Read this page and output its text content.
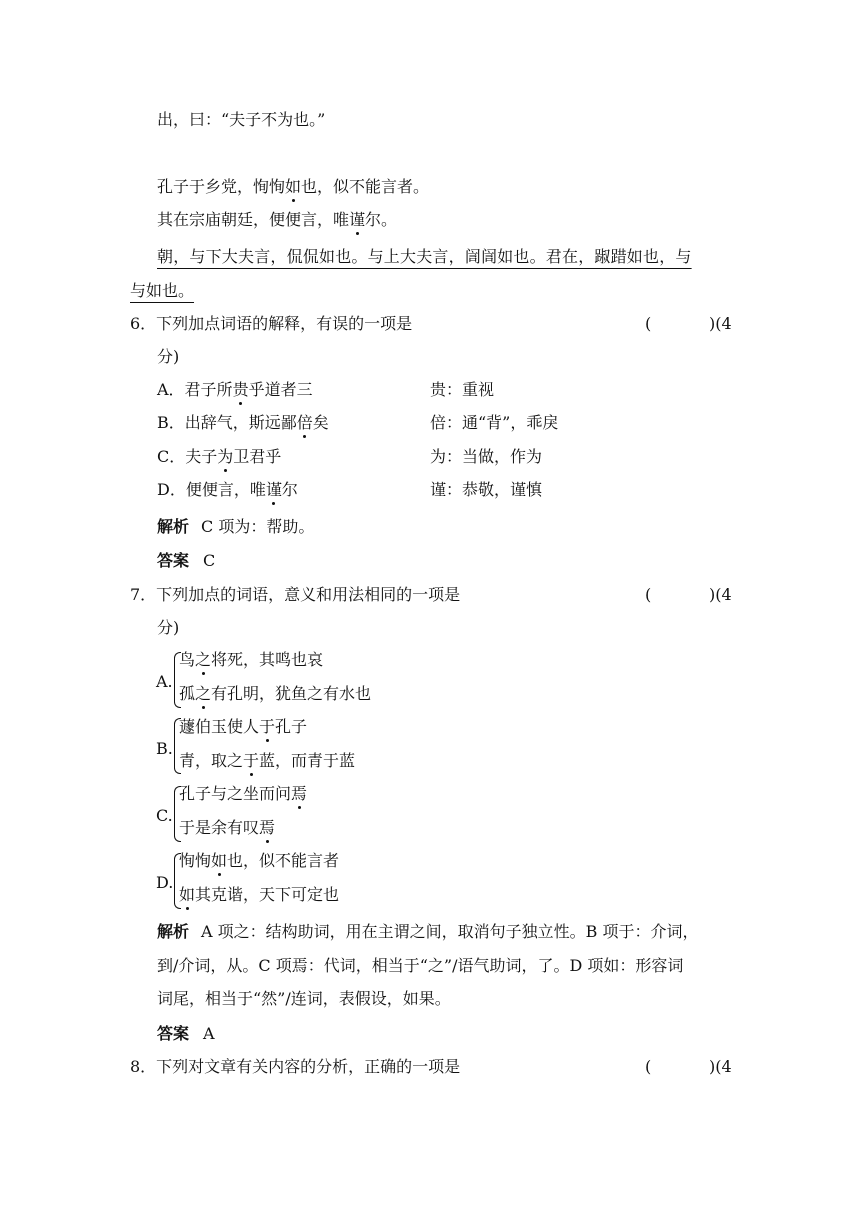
出，曰：“夫子不为也。”
孔子于乡党，恂恂如也，似不能言者。
其在宗庙朝廷，便便言，唯谨尔。
朝，与下大夫言，侃侃如也。与上大夫言，訚訚如也。君在，踧踖如也，与
与如也。
6．下列加点词语的解释，有误的一项是	(	)(4
分)
A．君子所贵乎道者三	贵：重视
B．出辞气，斯远鄙倍矣	倍：通“背”，乖戾
C．夫子为卫君乎	为：当做，作为
D．便便言，唯谨尔	谨：恭敬，谨慎
解析 C 项为：帮助。
答案 C
7．下列加点的词语，意义和用法相同的一项是	(	)(4
分)
A.
鸟之将死，其鸣也哀
孤之有孔明，犹鱼之有水也
B.
蘧伯玉使人于孔子
青，取之于蓝，而青于蓝
C.
孔子与之坐而问焉
于是余有叹焉
D.
恂恂如也，似不能言者
如其克谐，天下可定也
解析 A 项之：结构助词，用在主谓之间，取消句子独立性。B 项于：介词，
到/介词，从。C 项焉：代词，相当于“之”/语气助词，了。D 项如：形容词
词尾，相当于“然”/连词，表假设，如果。
答案 A
8．下列对文章有关内容的分析，正确的一项是	(	)(4
